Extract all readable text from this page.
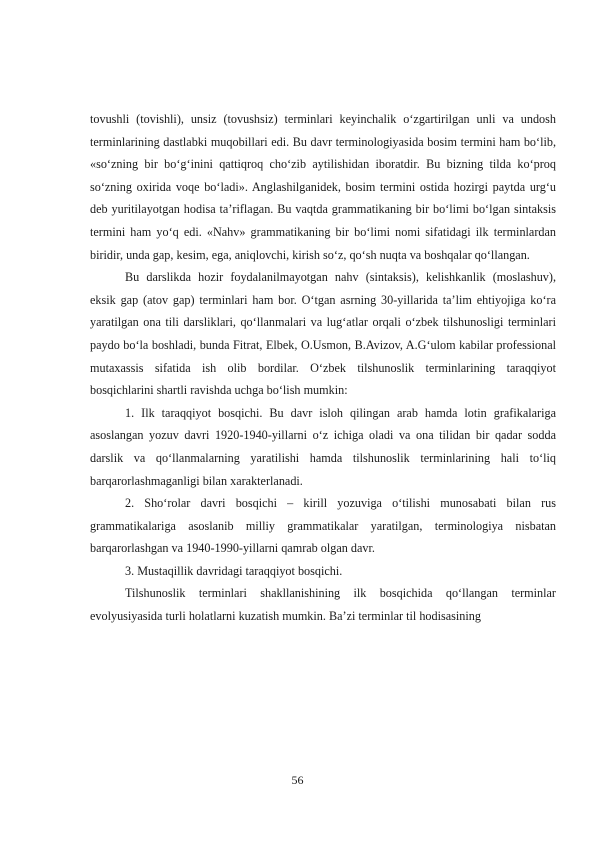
tovushli (tovishli), unsiz (tovushsiz) terminlari keyinchalik o‘zgartirilgan unli va undosh terminlarining dastlabki muqobillari edi. Bu davr terminologiyasida bosim termini ham bo‘lib, «so‘zning bir bo‘g‘inini qattiqroq cho‘zib aytilishidan iboratdir. Bu bizning tilda ko‘proq so‘zning oxirida voqe bo‘ladi». Anglashilganidek, bosim termini ostida hozirgi paytda urg‘u deb yuritilayotgan hodisa ta’riflagan. Bu vaqtda grammatikaning bir bo‘limi bo‘lgan sintaksis termini ham yo‘q edi. «Nahv» grammatikaning bir bo‘limi nomi sifatidagi ilk terminlardan biridir, unda gap, kesim, ega, aniqlovchi, kirish so‘z, qo‘sh nuqta va boshqalar qo‘llangan.

Bu darslikda hozir foydalanilmayotgan nahv (sintaksis), kelishkanlik (moslashuv), eksik gap (atov gap) terminlari ham bor. O‘tgan asrning 30-yillarida ta’lim ehtiyojiga ko‘ra yaratilgan ona tili darsliklari, qo‘llanmalari va lug‘atlar orqali o‘zbek tilshunosligi terminlari paydo bo‘la boshladi, bunda Fitrat, Elbek, O.Usmon, B.Avizov, A.G‘ulom kabilar professional mutaxassis sifatida ish olib bordilar. O‘zbek tilshunoslik terminlarining taraqqiyot bosqichlarini shartli ravishda uchga bo‘lish mumkin:

1. Ilk taraqqiyot bosqichi. Bu davr isloh qilingan arab hamda lotin grafikalariga asoslangan yozuv davri 1920-1940-yillarni o‘z ichiga oladi va ona tilidan bir qadar sodda darslik va qo‘llanmalarning yaratilishi hamda tilshunoslik terminlarining hali to‘liq barqarorlashmaganligi bilan xarakterlanadi.

2. Sho‘rolar davri bosqichi – kirill yozuviga o‘tilishi munosabati bilan rus grammatikalariga asoslanib milliy grammatikalar yaratilgan, terminologiya nisbatan barqarorlashgan va 1940-1990-yillarni qamrab olgan davr.

3. Mustaqillik davridagi taraqqiyot bosqichi.

Tilshunoslik terminlari shakllanishining ilk bosqichida qo‘llangan terminlar evolyusiyasida turli holatlarni kuzatish mumkin. Ba’zi terminlar til hodisasining

56
